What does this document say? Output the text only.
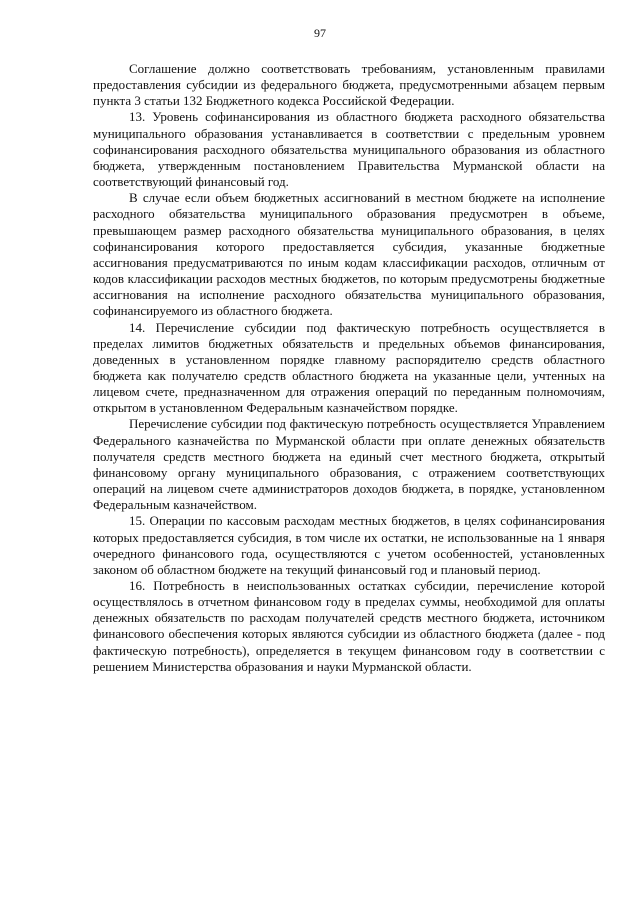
97

Соглашение должно соответствовать требованиям, установленным правилами предоставления субсидии из федерального бюджета, предусмотренными абзацем первым пункта 3 статьи 132 Бюджетного кодекса Российской Федерации.

13. Уровень софинансирования из областного бюджета расходного обязательства муниципального образования устанавливается в соответствии с предельным уровнем софинансирования расходного обязательства муниципального образования из областного бюджета, утвержденным постановлением Правительства Мурманской области на соответствующий финансовый год.

В случае если объем бюджетных ассигнований в местном бюджете на исполнение расходного обязательства муниципального образования предусмотрен в объеме, превышающем размер расходного обязательства муниципального образования, в целях софинансирования которого предоставляется субсидия, указанные бюджетные ассигнования предусматриваются по иным кодам классификации расходов, отличным от кодов классификации расходов местных бюджетов, по которым предусмотрены бюджетные ассигнования на исполнение расходного обязательства муниципального образования, софинансируемого из областного бюджета.

14. Перечисление субсидии под фактическую потребность осуществляется в пределах лимитов бюджетных обязательств и предельных объемов финансирования, доведенных в установленном порядке главному распорядителю средств областного бюджета как получателю средств областного бюджета на указанные цели, учтенных на лицевом счете, предназначенном для отражения операций по переданным полномочиям, открытом в установленном Федеральным казначейством порядке.

Перечисление субсидии под фактическую потребность осуществляется Управлением Федерального казначейства по Мурманской области при оплате денежных обязательств получателя средств местного бюджета на единый счет местного бюджета, открытый финансовому органу муниципального образования, с отражением соответствующих операций на лицевом счете администраторов доходов бюджета, в порядке, установленном Федеральным казначейством.

15. Операции по кассовым расходам местных бюджетов, в целях софинансирования которых предоставляется субсидия, в том числе их остатки, не использованные на 1 января очередного финансового года, осуществляются с учетом особенностей, установленных законом об областном бюджете на текущий финансовый год и плановый период.

16. Потребность в неиспользованных остатках субсидии, перечисление которой осуществлялось в отчетном финансовом году в пределах суммы, необходимой для оплаты денежных обязательств по расходам получателей средств местного бюджета, источником финансового обеспечения которых являются субсидии из областного бюджета (далее - под фактическую потребность), определяется в текущем финансовом году в соответствии с решением Министерства образования и науки Мурманской области.
